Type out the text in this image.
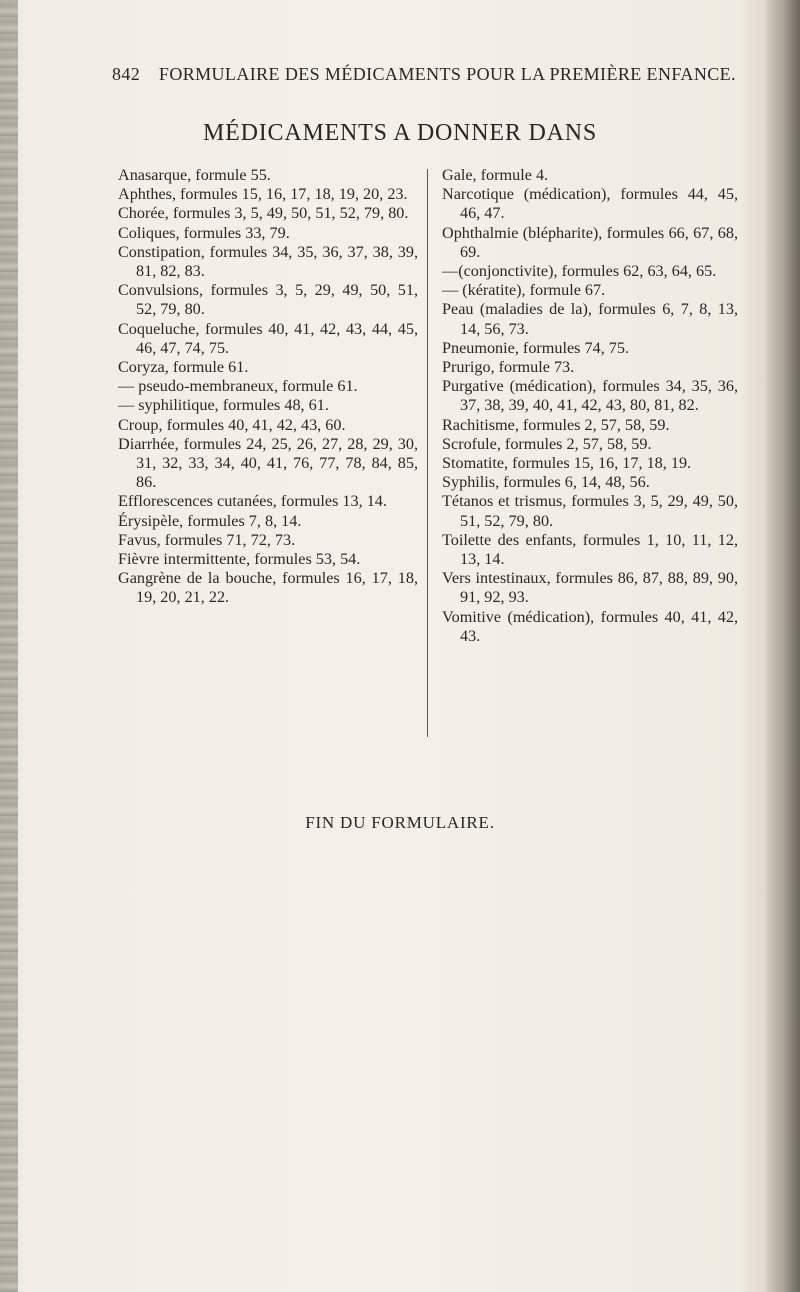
842 FORMULAIRE DES MÉDICAMENTS POUR LA PREMIÈRE ENFANCE.
MÉDICAMENTS A DONNER DANS
Anasarque, formule 55.
Aphthes, formules 15, 16, 17, 18, 19, 20, 23.
Chorée, formules 3, 5, 49, 50, 51, 52, 79, 80.
Coliques, formules 33, 79.
Constipation, formules 34, 35, 36, 37, 38, 39, 81, 82, 83.
Convulsions, formules 3, 5, 29, 49, 50, 51, 52, 79, 80.
Coqueluche, formules 40, 41, 42, 43, 44, 45, 46, 47, 74, 75.
Coryza, formule 61.
— pseudo-membraneux, formule 61.
— syphilitique, formules 48, 61.
Croup, formules 40, 41, 42, 43, 60.
Diarrhée, formules 24, 25, 26, 27, 28, 29, 30, 31, 32, 33, 34, 40, 41, 76, 77, 78, 84, 85, 86.
Efflorescences cutanées, formules 13, 14.
Érysipèle, formules 7, 8, 14.
Favus, formules 71, 72, 73.
Fièvre intermittente, formules 53, 54.
Gangrène de la bouche, formules 16, 17, 18, 19, 20, 21, 22.
Gale, formule 4.
Narcotique (médication), formules 44, 45, 46, 47.
Ophthalmie (blépharite), formules 66, 67, 68, 69.
—(conjonctivite), formules 62, 63, 64, 65.
— (kératite), formule 67.
Peau (maladies de la), formules 6, 7, 8, 13, 14, 56, 73.
Pneumonie, formules 74, 75.
Prurigo, formule 73.
Purgative (médication), formules 34, 35, 36, 37, 38, 39, 40, 41, 42, 43, 80, 81, 82.
Rachitisme, formules 2, 57, 58, 59.
Scrofule, formules 2, 57, 58, 59.
Stomatite, formules 15, 16, 17, 18, 19.
Syphilis, formules 6, 14, 48, 56.
Tétanos et trismus, formules 3, 5, 29, 49, 50, 51, 52, 79, 80.
Toilette des enfants, formules 1, 10, 11, 12, 13, 14.
Vers intestinaux, formules 86, 87, 88, 89, 90, 91, 92, 93.
Vomitive (médication), formules 40, 41, 42, 43.
FIN DU FORMULAIRE.
